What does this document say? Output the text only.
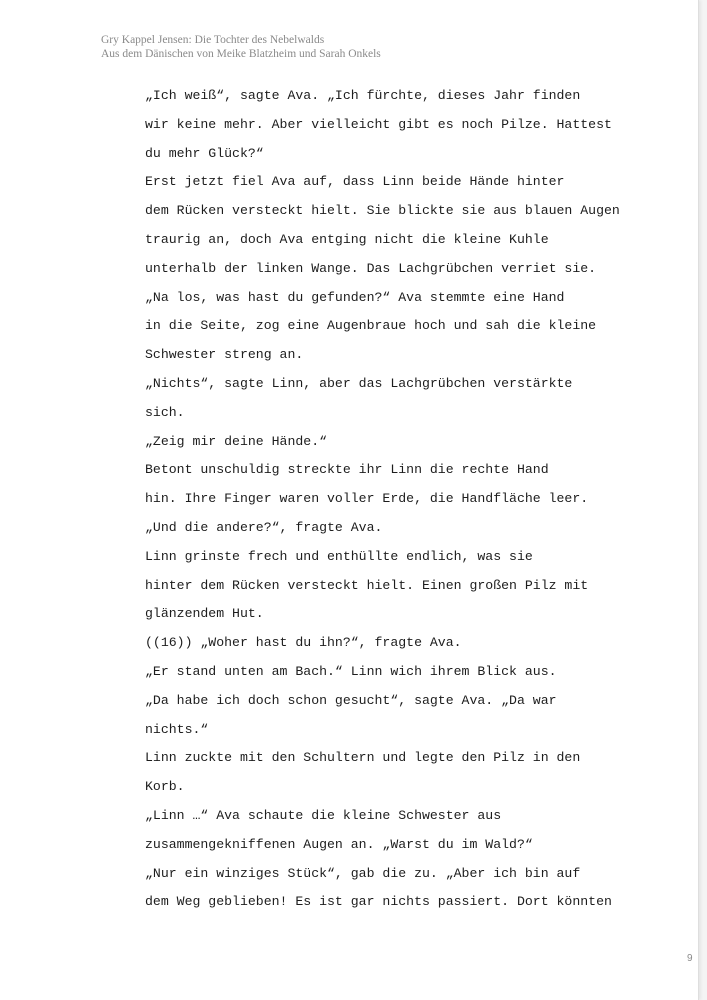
Gry Kappel Jensen: Die Tochter des Nebelwalds
Aus dem Dänischen von Meike Blatzheim und Sarah Onkels

„Ich weiß“, sagte Ava. „Ich fürchte, dieses Jahr finden
wir keine mehr. Aber vielleicht gibt es noch Pilze. Hattest
du mehr Glück?“

Erst jetzt fiel Ava auf, dass Linn beide Hände hinter
dem Rücken versteckt hielt. Sie blickte sie aus blauen Augen
traurig an, doch Ava entging nicht die kleine Kuhle
unterhalb der linken Wange. Das Lachgrübchen verriet sie.

„Na los, was hast du gefunden?“ Ava stemmte eine Hand
in die Seite, zog eine Augenbraue hoch und sah die kleine
Schwester streng an.

„Nichts“, sagte Linn, aber das Lachgrübchen verstärkte
sich.

„Zeig mir deine Hände.“

Betont unschuldig streckte ihr Linn die rechte Hand
hin. Ihre Finger waren voller Erde, die Handfläche leer.

„Und die andere?“, fragte Ava.

Linn grinste frech und enthüllte endlich, was sie
hinter dem Rücken versteckt hielt. Einen großen Pilz mit
glänzendem Hut.

((16)) „Woher hast du ihn?“, fragte Ava.

„Er stand unten am Bach.“ Linn wich ihrem Blick aus.

„Da habe ich doch schon gesucht“, sagte Ava. „Da war
nichts.“

Linn zuckte mit den Schultern und legte den Pilz in den
Korb.

„Linn …“ Ava schaute die kleine Schwester aus
zusammengekniffenen Augen an. „Warst du im Wald?“

„Nur ein winziges Stück“, gab die zu. „Aber ich bin auf
dem Weg geblieben! Es ist gar nichts passiert. Dort könnten

9
